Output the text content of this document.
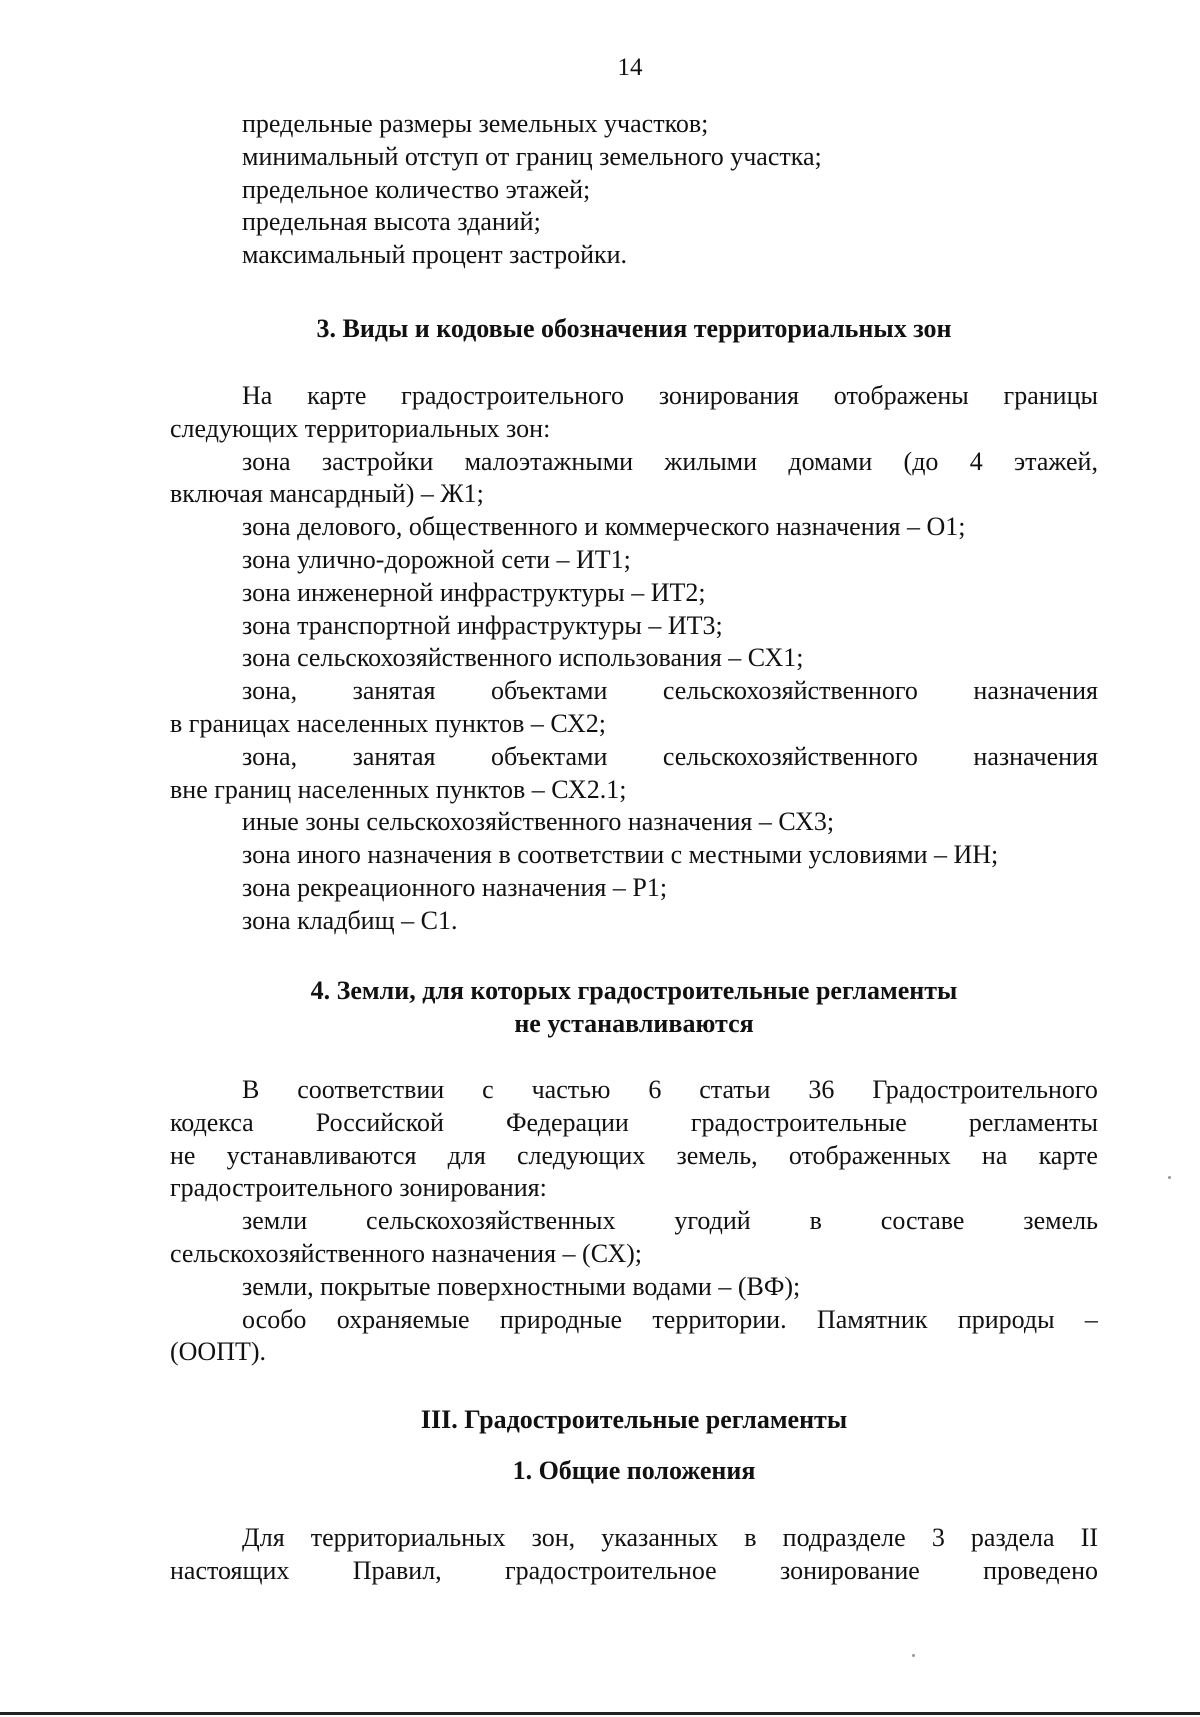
14
предельные размеры земельных участков;
минимальный отступ от границ земельного участка;
предельное количество этажей;
предельная высота зданий;
максимальный процент застройки.
3. Виды и кодовые обозначения территориальных зон
На карте градостроительного зонирования отображены границы
следующих территориальных зон:
зона застройки малоэтажными жилыми домами (до 4 этажей,
включая мансардный) – Ж1;
зона делового, общественного и коммерческого назначения – О1;
зона улично-дорожной сети – ИТ1;
зона инженерной инфраструктуры – ИТ2;
зона транспортной инфраструктуры – ИТ3;
зона сельскохозяйственного использования – СХ1;
зона, занятая объектами сельскохозяйственного назначения
в границах населенных пунктов – СХ2;
зона, занятая объектами сельскохозяйственного назначения
вне границ населенных пунктов – СХ2.1;
иные зоны сельскохозяйственного назначения – СХ3;
зона иного назначения в соответствии с местными условиями – ИН;
зона рекреационного назначения – Р1;
зона кладбищ – С1.
4. Земли, для которых градостроительные регламенты
не устанавливаются
В соответствии с частью 6 статьи 36 Градостроительного
кодекса Российской Федерации градостроительные регламенты
не устанавливаются для следующих земель, отображенных на карте
градостроительного зонирования:
земли сельскохозяйственных угодий в составе земель
сельскохозяйственного назначения – (СХ);
земли, покрытые поверхностными водами – (ВФ);
особо охраняемые природные территории. Памятник природы –
(ООПТ).
III. Градостроительные регламенты
1. Общие положения
Для территориальных зон, указанных в подразделе 3 раздела II
настоящих Правил, градостроительное зонирование проведено
